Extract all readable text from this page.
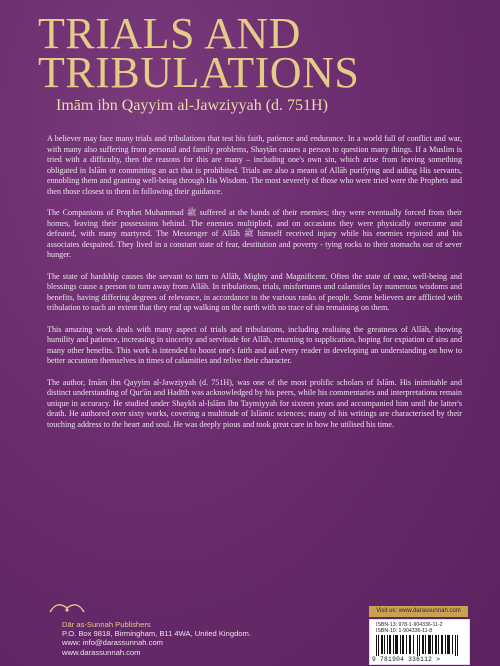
TRIALS AND
TRIBULATIONS
Imām ibn Qayyim al-Jawziyyah (d. 751H)

A believer may face many trials and tribulations that test his faith, patience and endurance. In a world full of conflict and war, with many also suffering from personal and family problems, Shayṭān causes a person to question many things. If a Muslim is tried with a difficulty, then the reasons for this are many – including one's own sin, which arise from leaving something obligated in Islām or committing an act that is prohibited. Trials are also a means of Allāh purifying and aiding His servants, ennobling them and granting well-being through His Wisdom. The most severely of those who were tried were the Prophets and then those closest to them in following their guidance.

The Companions of Prophet Muhammad ﷺ suffered at the hands of their enemies; they were eventually forced from their homes, leaving their possessions behind. The enemies multiplied, and on occasions they were physically overcome and defeated, with many martyred. The Messenger of Allāh ﷺ himself received injury while his enemies rejoiced and his associates despaired. They lived in a constant state of fear, destitution and poverty - tying rocks to their stomachs out of sever hunger.

The state of hardship causes the servant to turn to Allāh, Mighty and Magnificent. Often the state of ease, well-being and blessings cause a person to turn away from Allāh. In tribulations, trials, misfortunes and calamities lay numerous wisdoms and benefits, having differing degrees of relevance, in accordance to the various ranks of people. Some believers are afflicted with tribulation to such an extent that they end up walking on the earth with no trace of sin remaining on them.

This amazing work deals with many aspect of trials and tribulations, including realising the greatness of Allāh, showing humility and patience, increasing in sincerity and servitude for Allāh, returning to supplication, hoping for expiation of sins and many other benefits. This work is intended to boost one's faith and aid every reader in developing an understanding on how to better accustom themselves in times of calamities and relive their character.

The author, Imām ibn Qayyim al-Jawziyyah (d. 751H), was one of the most prolific scholars of Islām. His inimitable and distinct understanding of Qur'ān and Hadīth was acknowledged by his peers, while his commentaries and interpretations remain unique in accuracy. He studied under Shaykh al-Islām Ibn Taymiyyah for sixteen years and accompanied him until the latter's death. He authored over sixty works, covering a multitude of Islāmic sciences; many of his writings are characterised by their touching address to the heart and soul. He was deeply pious and took great care in how he utilised his time.

Dār as-Sunnah Publishers
P.O. Box 9818, Birmingham, B11 4WA, United Kingdom.
www: info@darassunnah.com
www.darassunnah.com
Visit us: www.darassunnah.com
ISBN-13: 978-1-904336-11-2
ISBN-10: 1-904336-11-8
9 781904 336112 >
